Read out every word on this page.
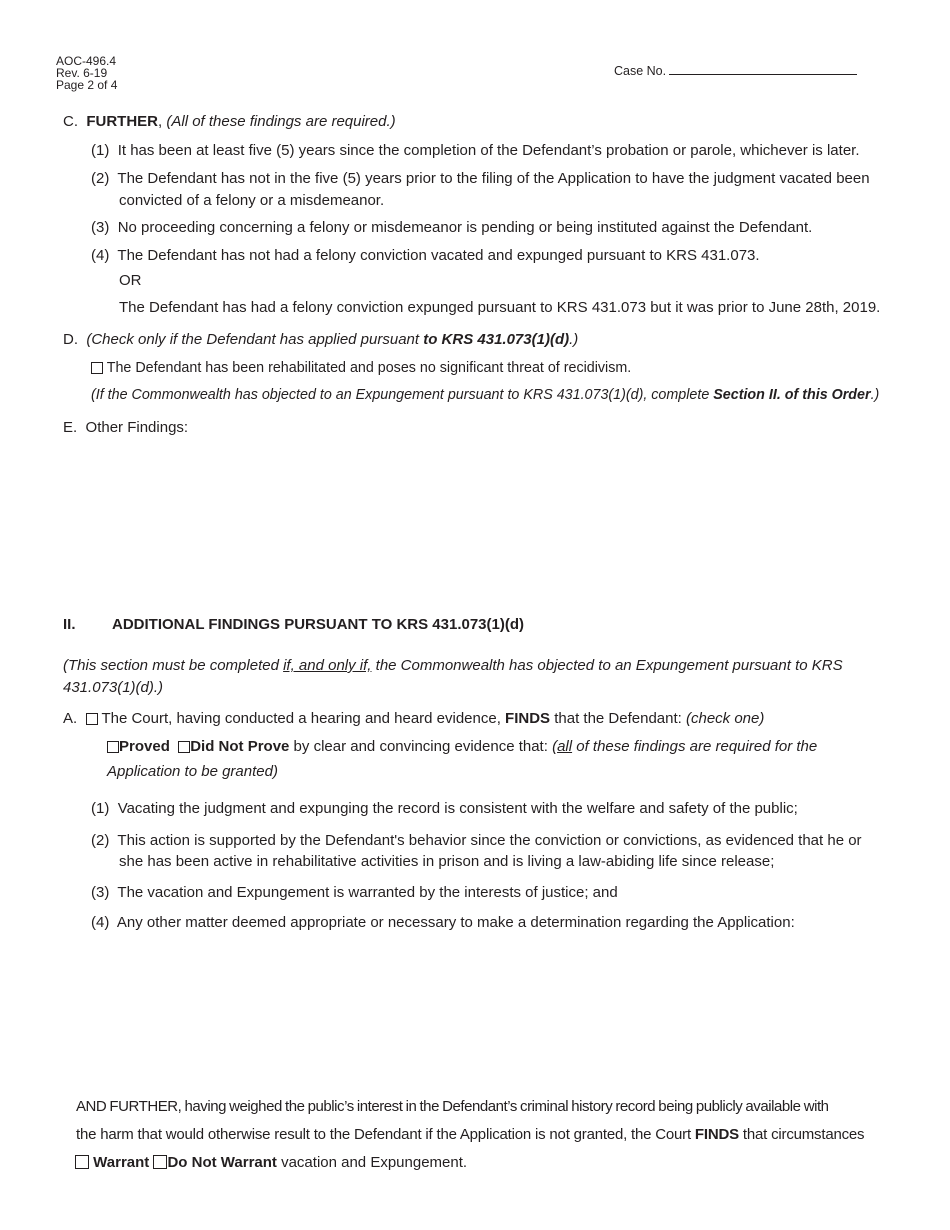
AOC-496.4
Rev. 6-19
Page 2 of 4
Case No.
C. FURTHER, (All of these findings are required.)
(1) It has been at least five (5) years since the completion of the Defendant’s probation or parole, whichever is later.
(2) The Defendant has not in the five (5) years prior to the filing of the Application to have the judgment vacated been
convicted of a felony or a misdemeanor.
(3) No proceeding concerning a felony or misdemeanor is pending or being instituted against the Defendant.
(4) The Defendant has not had a felony conviction vacated and expunged pursuant to KRS 431.073.
OR
The Defendant has had a felony conviction expunged pursuant to KRS 431.073 but it was prior to June 28th, 2019.
D. (Check only if the Defendant has applied pursuant to KRS 431.073(1)(d).)
The Defendant has been rehabilitated and poses no significant threat of recidivism.
(If the Commonwealth has objected to an Expungement pursuant to KRS 431.073(1)(d), complete Section II. of this Order.)
E. Other Findings:
II. ADDITIONAL FINDINGS PURSUANT TO KRS 431.073(1)(d)
(This section must be completed if, and only if, the Commonwealth has objected to an Expungement pursuant to KRS
431.073(1)(d).)
A. The Court, having conducted a hearing and heard evidence, FINDS that the Defendant: (check one)
Proved Did Not Prove by clear and convincing evidence that: (all of these findings are required for the
Application to be granted)
(1) Vacating the judgment and expunging the record is consistent with the welfare and safety of the public;
(2) This action is supported by the Defendant's behavior since the conviction or convictions, as evidenced that he or
she has been active in rehabilitative activities in prison and is living a law-abiding life since release;
(3) The vacation and Expungement is warranted by the interests of justice; and
(4) Any other matter deemed appropriate or necessary to make a determination regarding the Application:
AND FURTHER, having weighed the public’s interest in the Defendant’s criminal history record being publicly available with
the harm that would otherwise result to the Defendant if the Application is not granted, the Court FINDS that circumstances
Warrant Do Not Warrant vacation and Expungement.
